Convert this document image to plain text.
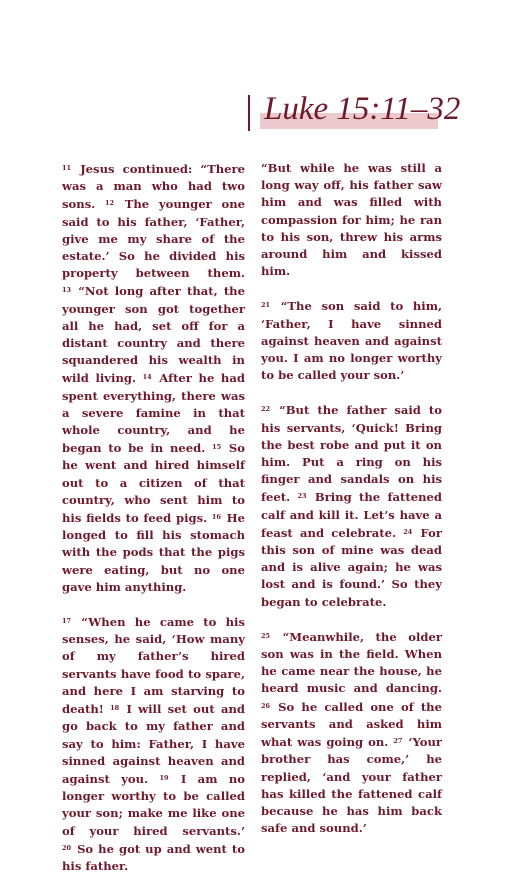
Luke 15:11–32

$^{11}$ Jesus continued: “There was a man who had two sons. $^{12}$ The younger one said to his father, ‘Father, give me my share of the estate.’ So he divided his property between them. $^{13}$ “Not long after that, the younger son got together all he had, set off for a distant country and there squandered his wealth in wild living. $^{14}$ After he had spent everything, there was a severe famine in that whole country, and he began to be in need. $^{15}$ So he went and hired himself out to a citizen of that country, who sent him to his fields to feed pigs. $^{16}$ He longed to fill his stomach with the pods that the pigs were eating, but no one gave him anything.

$^{17}$ “When he came to his senses, he said, ‘How many of my father’s hired servants have food to spare, and here I am starving to death! $^{18}$ I will set out and go back to my father and say to him: Father, I have sinned against heaven and against you. $^{19}$ I am no longer worthy to be called your son; make me like one of your hired servants.’ $^{20}$ So he got up and went to his father.

“But while he was still a long way off, his father saw him and was filled with compassion for him; he ran to his son, threw his arms around him and kissed him.

$^{21}$ “The son said to him, ‘Father, I have sinned against heaven and against you. I am no longer worthy to be called your son.’

$^{22}$ “But the father said to his servants, ‘Quick! Bring the best robe and put it on him. Put a ring on his finger and sandals on his feet. $^{23}$ Bring the fattened calf and kill it. Let’s have a feast and celebrate. $^{24}$ For this son of mine was dead and is alive again; he was lost and is found.’ So they began to celebrate.

$^{25}$ “Meanwhile, the older son was in the field. When he came near the house, he heard music and dancing. $^{26}$ So he called one of the servants and asked him what was going on. $^{27}$ ‘Your brother has come,’ he replied, ‘and your father has killed the fattened calf because he has him back safe and sound.’
